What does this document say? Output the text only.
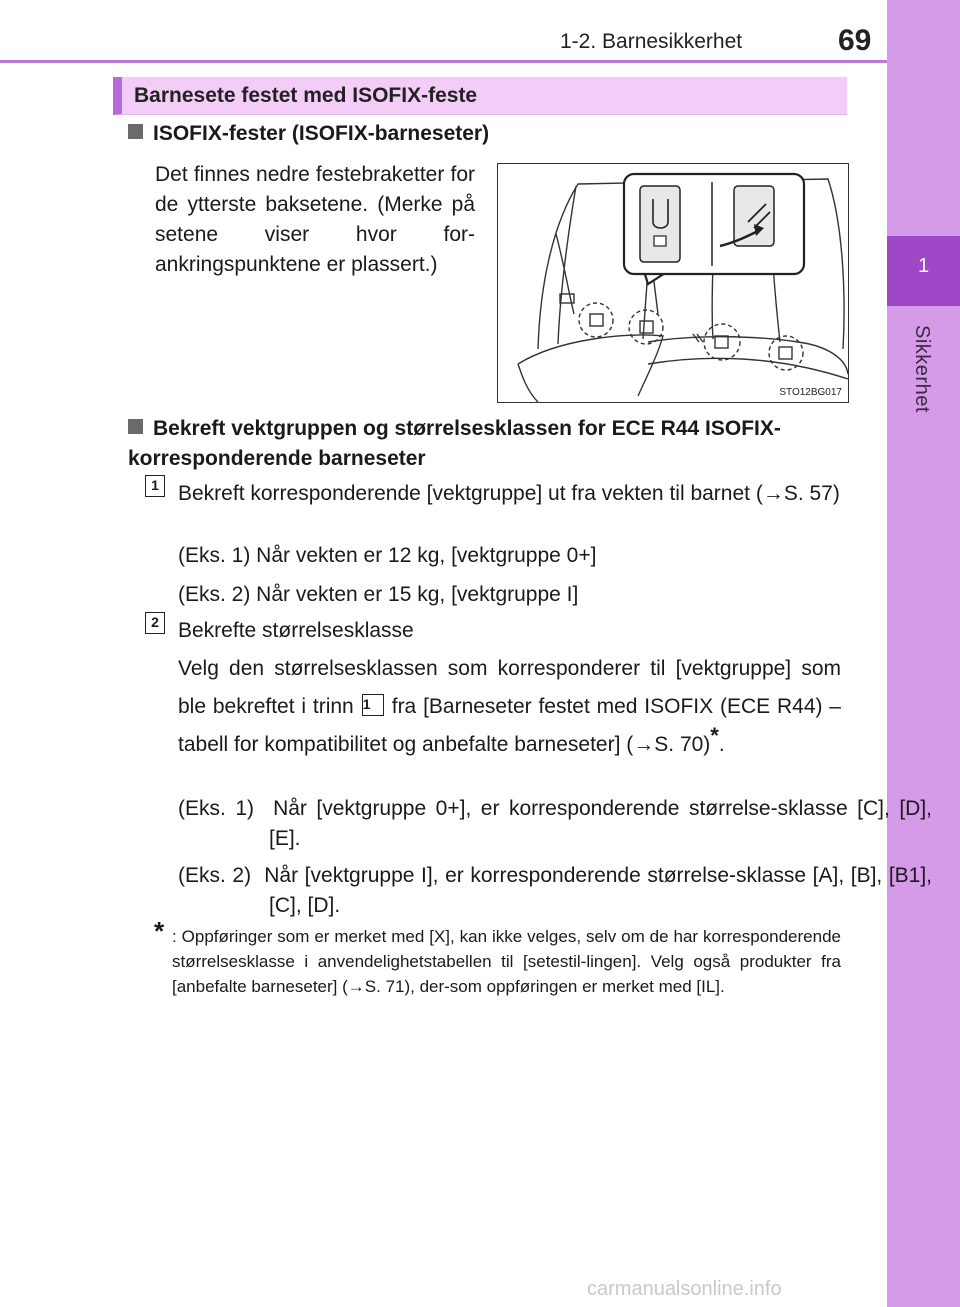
1-2. Barnesikkerhet	69
1
Sikkerhet
Barnesete festet med ISOFIX-feste
ISOFIX-fester (ISOFIX-barneseter)
Det finnes nedre festebraketter for de ytterste baksetene. (Merke på setene viser hvor for-ankringspunktene er plassert.)
STO12BG017
Bekreft vektgruppen og størrelsesklassen for ECE R44 ISOFIX-korresponderende barneseter
1 Bekreft korresponderende [vektgruppe] ut fra vekten til barnet (→S. 57)
(Eks. 1) Når vekten er 12 kg, [vektgruppe 0+]
(Eks. 2) Når vekten er 15 kg, [vektgruppe I]
2 Bekrefte størrelsesklasse
Velg den størrelsesklassen som korresponderer til [vektgruppe] som ble bekreftet i trinn 1 fra [Barneseter festet med ISOFIX (ECE R44) – tabell for kompatibilitet og anbefalte barneseter] (→S. 70)*.
(Eks. 1) Når [vektgruppe 0+], er korresponderende størrelse-sklasse [C], [D], [E].
(Eks. 2) Når [vektgruppe I], er korresponderende størrelse-sklasse [A], [B], [B1], [C], [D].
* : Oppføringer som er merket med [X], kan ikke velges, selv om de har korresponderende størrelsesklasse i anvendelighetstabellen til [setestil-lingen]. Velg også produkter fra [anbefalte barneseter] (→S. 71), der-som oppføringen er merket med [IL].
carmanualsonline.info
